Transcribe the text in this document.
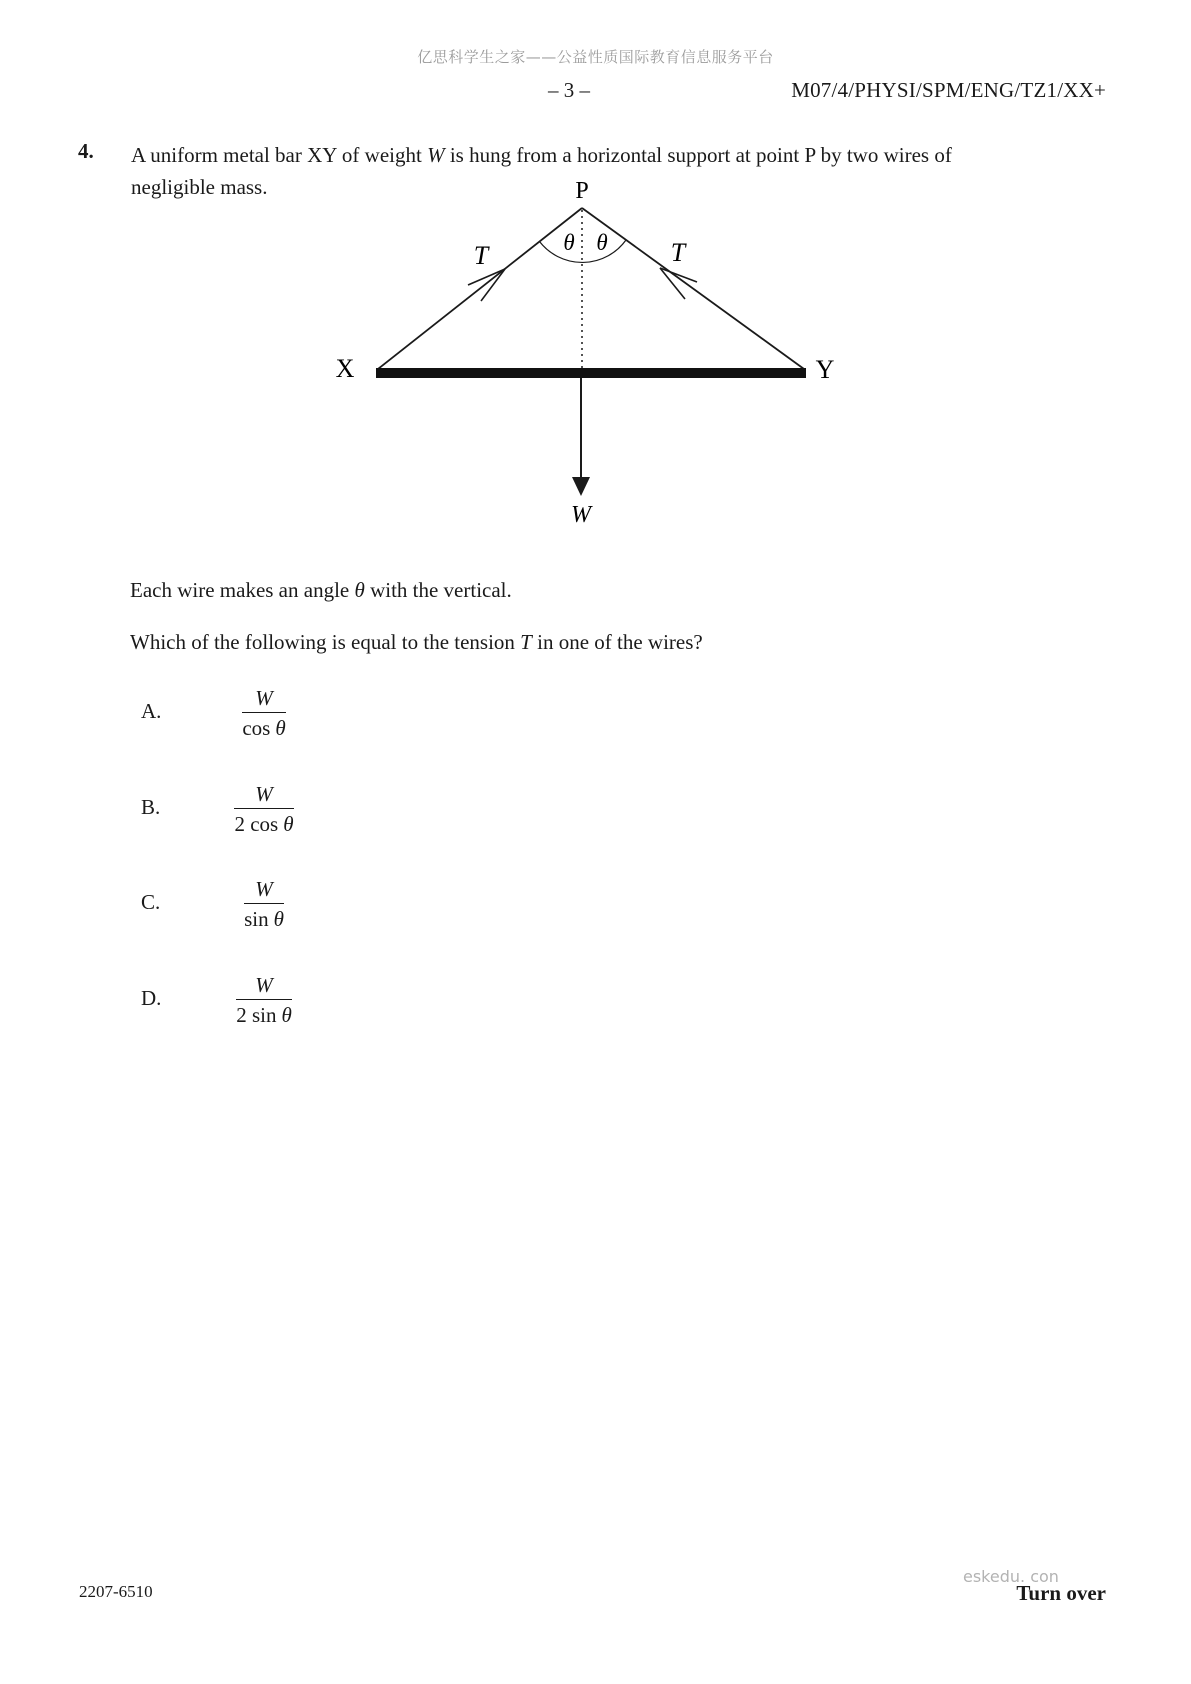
亿思科学生之家——公益性质国际教育信息服务平台
– 3 –	M07/4/PHYSI/SPM/ENG/TZ1/XX+
4. A uniform metal bar XY of weight W is hung from a horizontal support at point P by two wires of
negligible mass.	P
X	Y
T	T
θ θ
W
Each wire makes an angle θ with the vertical.
Which of the following is equal to the tension T in one of the wires?
A.	$\frac{W}{\text{cos θ}}$
B.	$\frac{W}{\text{2 cos θ}}$
C.	$\frac{W}{\text{sin θ}}$
D.	$\frac{W}{\text{2 sin θ}}$
2207-6510
eskedu. con
Turn over
